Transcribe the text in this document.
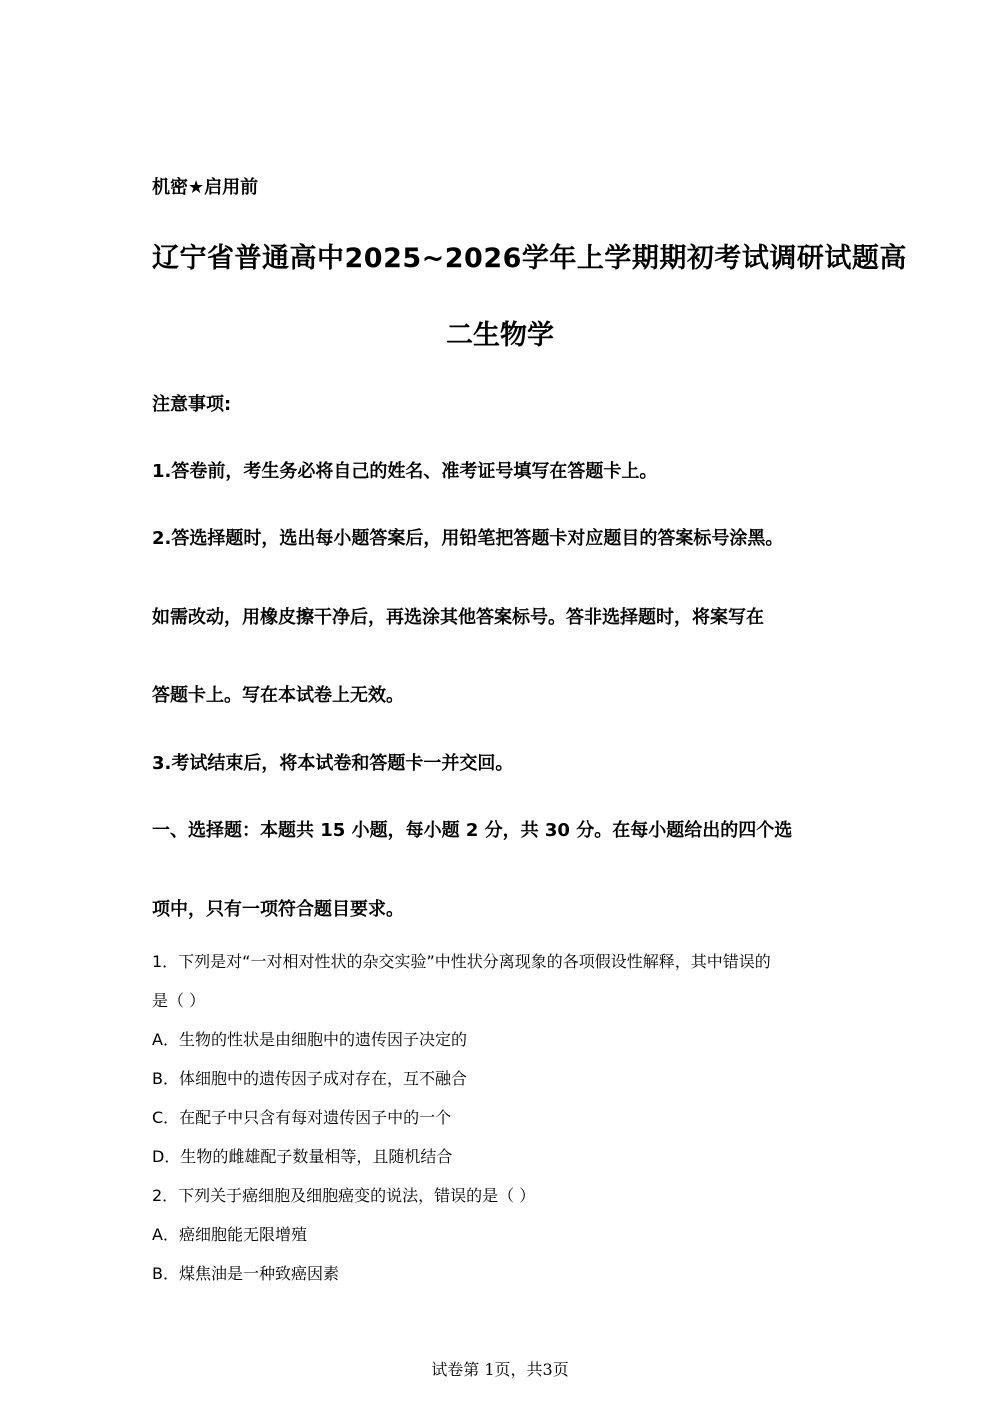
机密★启用前
辽宁省普通高中2025~2026学年上学期期初考试调研试题高
二生物学
注意事项:
1.答卷前，考生务必将自己的姓名、准考证号填写在答题卡上。
2.答选择题时，选出每小题答案后，用铅笔把答题卡对应题目的答案标号涂黑。
如需改动，用橡皮擦干净后，再选涂其他答案标号。答非选择题时，将案写在
答题卡上。写在本试卷上无效。
3.考试结束后，将本试卷和答题卡一并交回。
一、选择题：本题共 15 小题，每小题 2 分，共 30 分。在每小题给出的四个选
项中，只有一项符合题目要求。
1．下列是对“一对相对性状的杂交实验”中性状分离现象的各项假设性解释，其中错误的
是（ ）
A．生物的性状是由细胞中的遗传因子决定的
B．体细胞中的遗传因子成对存在，互不融合
C．在配子中只含有每对遗传因子中的一个
D．生物的雌雄配子数量相等，且随机结合
2．下列关于癌细胞及细胞癌变的说法，错误的是（ ）
A．癌细胞能无限增殖
B．煤焦油是一种致癌因素
试卷第 1页，共3页
